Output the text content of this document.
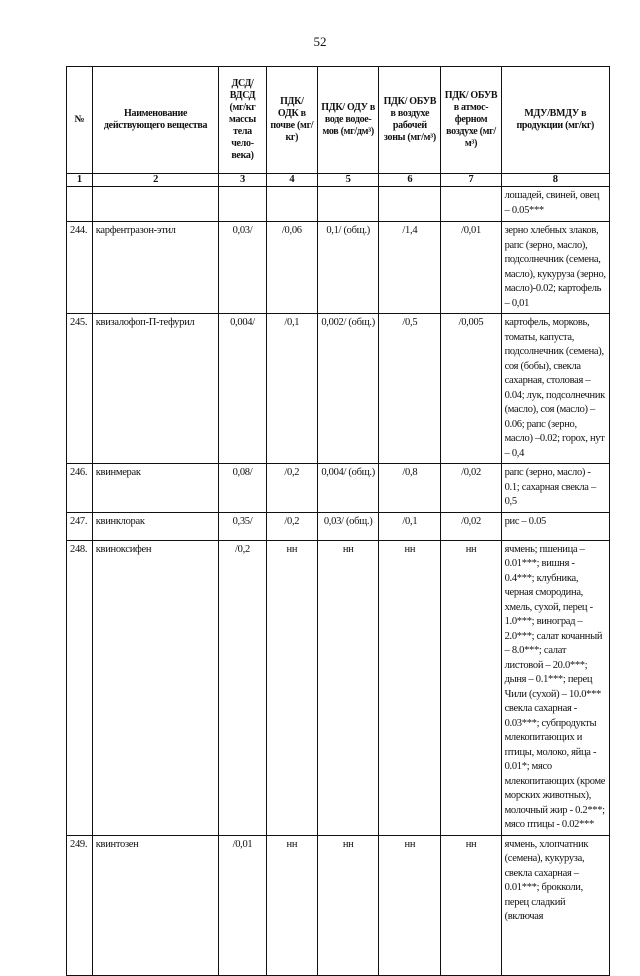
52
№	Наименование действующего вещества	ДСД/ ВДСД (мг/кг массы тела чело-века)	ПДК/ ОДК в почве (мг/кг)	ПДК/ ОДУ в воде водое-мов (мг/дм³)	ПДК/ ОБУВ в воздухе рабочей зоны (мг/м³)	ПДК/ ОБУВ в атмос-ферном воздухе (мг/м³)	МДУ/ВМДУ в продукции (мг/кг)
1	2	3	4	5	6	7	8
							лошадей, свиней, овец – 0.05***
244.	карфентразон-этил	0,03/	/0,06	0,1/ (общ.)	/1,4	/0,01	зерно хлебных злаков, рапс (зерно, масло), подсолнечник (семена, масло), кукуруза (зерно, масло)-0.02; картофель – 0,01
245.	квизалофоп-П-тефурил	0,004/	/0,1	0,002/ (общ.)	/0,5	/0,005	картофель, морковь, томаты, капуста, подсолнечник (семена), соя (бобы), свекла сахарная, столовая – 0.04; лук, подсолнечник (масло), соя (масло) – 0.06; рапс (зерно, масло) –0.02; горох, нут – 0,4
246.	квинмерак	0,08/	/0,2	0,004/ (общ.)	/0,8	/0,02	рапс (зерно, масло) - 0.1; сахарная свекла – 0,5
247.	квинклорак	0,35/	/0,2	0,03/ (общ.)	/0,1	/0,02	рис – 0.05
248.	квиноксифен	/0,2	нн	нн	нн	нн	ячмень; пшеница – 0.01***; вишня - 0.4***; клубника, черная смородина, хмель, сухой, перец - 1.0***; виноград – 2.0***; салат кочанный – 8.0***; салат листовой – 20.0***; дыня – 0.1***; перец Чили (сухой) – 10.0*** свекла сахарная - 0.03***; субпродукты млекопитающих и птицы, молоко, яйца - 0.01*; мясо млекопитающих (кроме морских животных), молочный жир - 0.2***; мясо птицы - 0.02***
249.	квинтозен	/0,01	нн	нн	нн	нн	ячмень, хлопчатник (семена), кукуруза, свекла сахарная – 0.01***; брокколи, перец сладкий (включая
